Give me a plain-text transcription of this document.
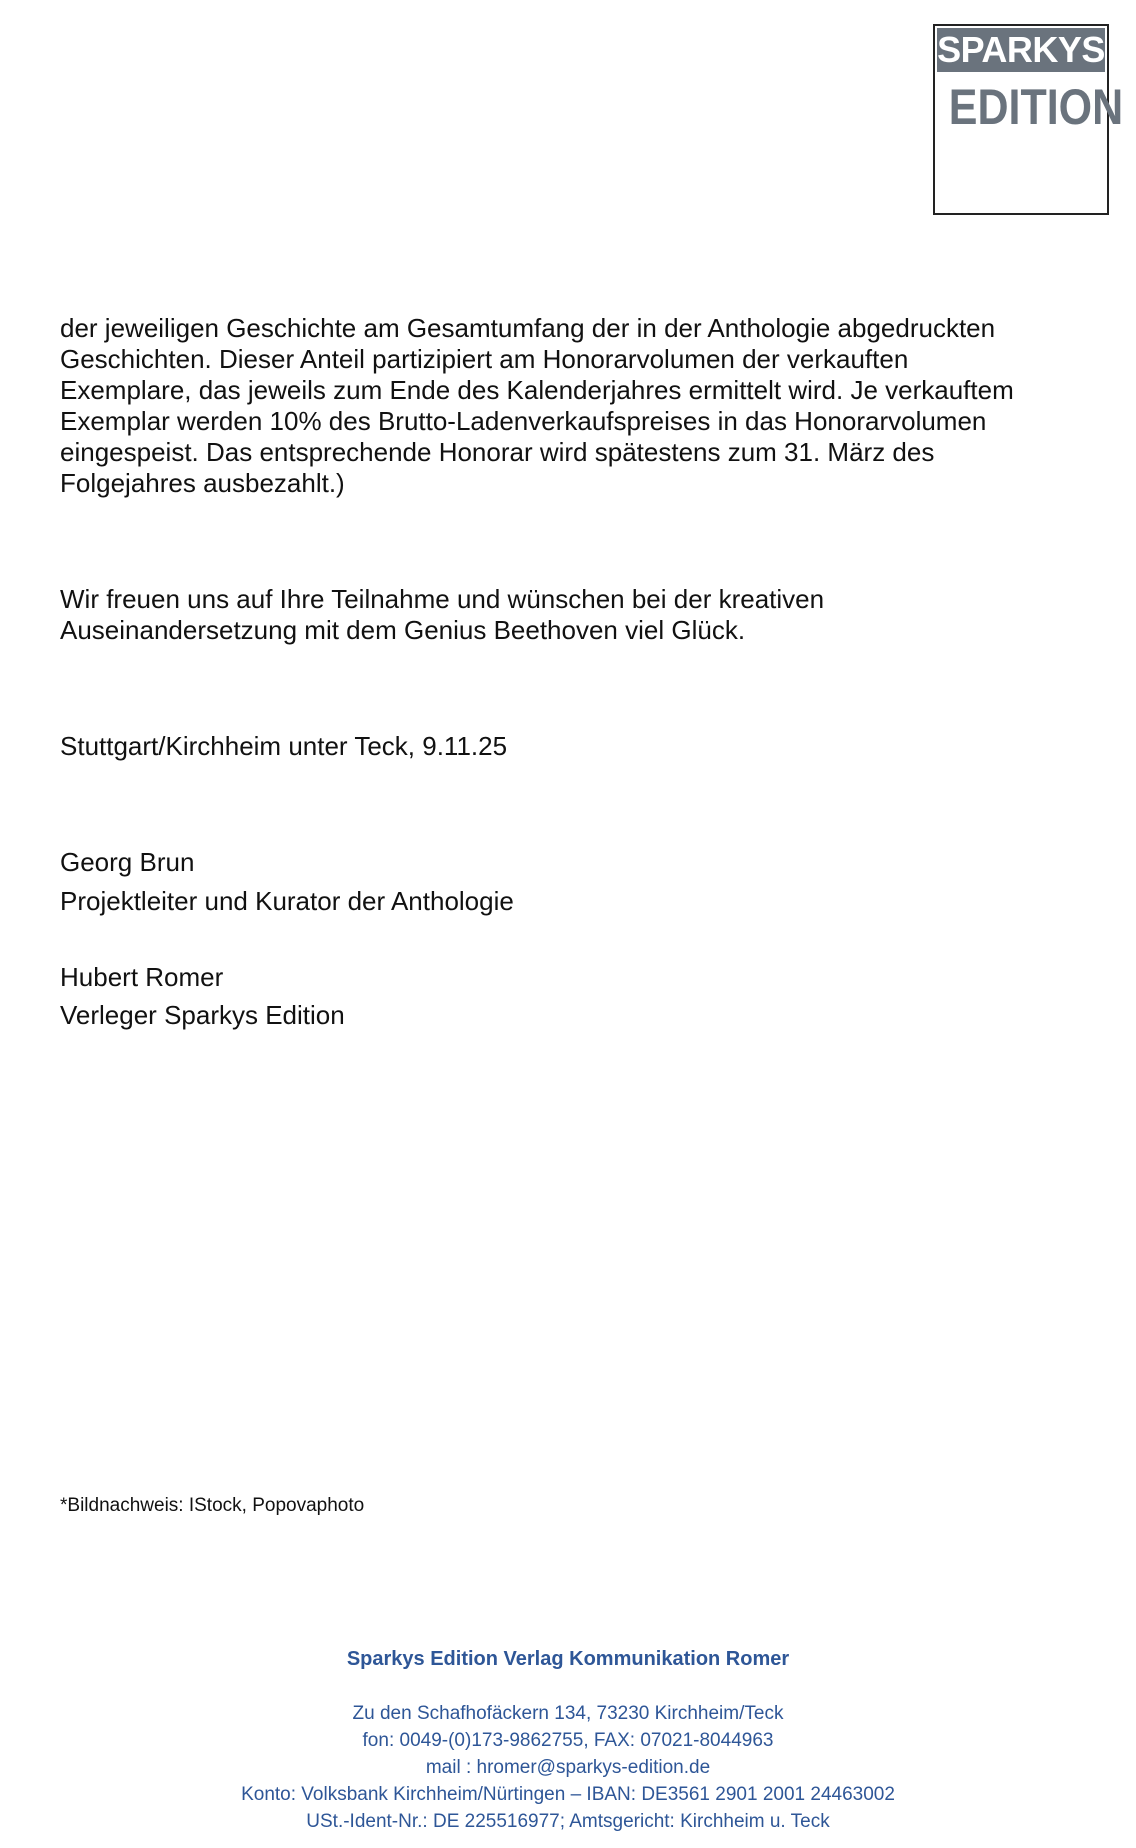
SPARKYS
EDITION

der jeweiligen Geschichte am Gesamtumfang der in der Anthologie abgedruckten Geschichten. Dieser Anteil partizipiert am Honorarvolumen der verkauften Exemplare, das jeweils zum Ende des Kalenderjahres ermittelt wird. Je verkauftem Exemplar werden 10% des Brutto-Ladenverkaufspreises in das Honorarvolumen eingespeist. Das entsprechende Honorar wird spätestens zum 31. März des Folgejahres ausbezahlt.)

Wir freuen uns auf Ihre Teilnahme und wünschen bei der kreativen Auseinandersetzung mit dem Genius Beethoven viel Glück.

Stuttgart/Kirchheim unter Teck, 9.11.25

Georg Brun

Projektleiter und Kurator der Anthologie

Hubert Romer

Verleger Sparkys Edition

*Bildnachweis: IStock, Popovaphoto
Sparkys Edition Verlag Kommunikation Romer
Zu den Schafhofäckern 134, 73230 Kirchheim/Teck
fon: 0049-(0)173-9862755, FAX: 07021-8044963
mail : hromer@sparkys-edition.de
Konto: Volksbank Kirchheim/Nürtingen – IBAN: DE3561 2901 2001 24463002
USt.-Ident-Nr.: DE 225516977; Amtsgericht: Kirchheim u. Teck
